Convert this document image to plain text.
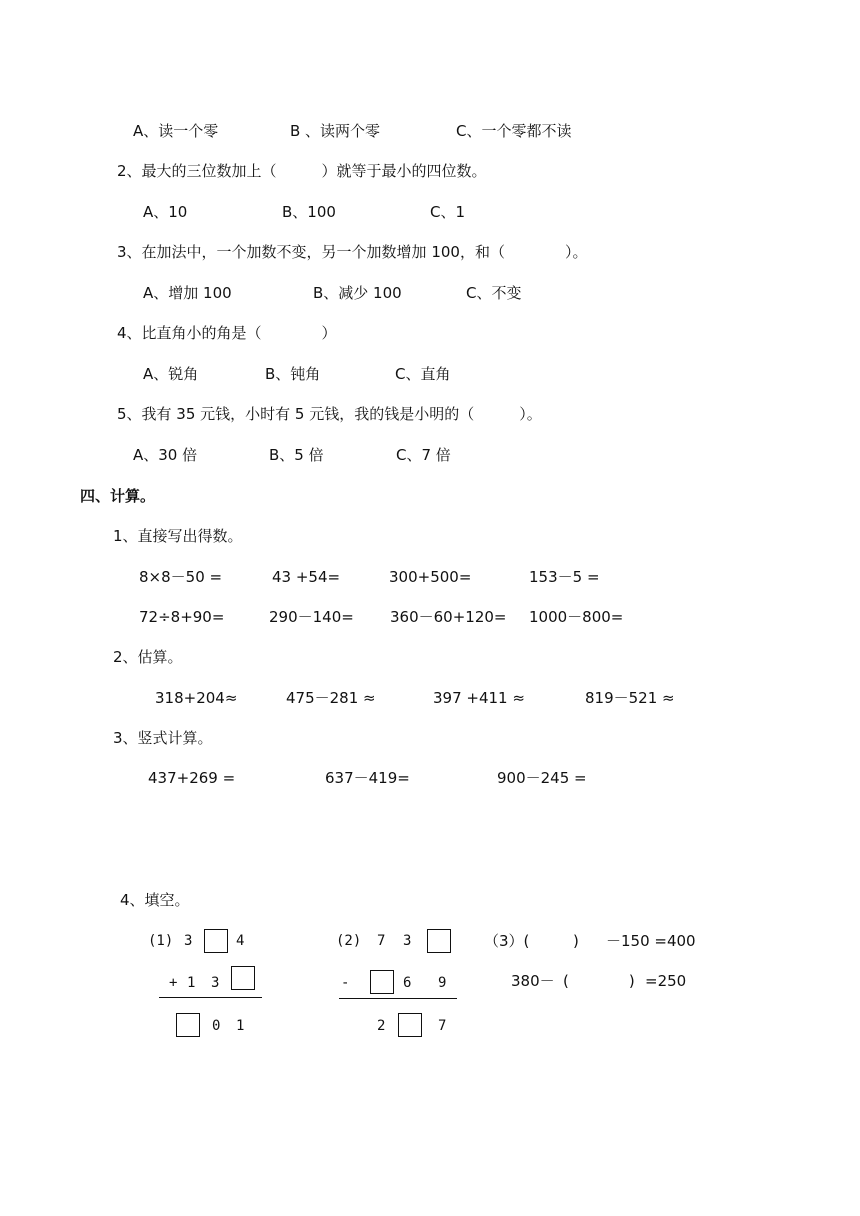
A、读一个零	B 、读两个零	C、一个零都不读
2、最大的三位数加上（　　　）就等于最小的四位数。
A、10	B、100	C、1
3、在加法中，一个加数不变，另一个加数增加 100，和（　　　　）。
A、增加 100	B、减少 100	C、不变
4、比直角小的角是（　　　　）
A、锐角	B、钝角	C、直角
5、我有 35 元钱，小时有 5 元钱，我的钱是小明的（　　　）。
A、30 倍	B、5 倍	C、7 倍
四、计算。
1、直接写出得数。
8×8－50 =	43 +54=	300+500=	153－5 =
72÷8+90=	290－140= 360－60+120= 1000－800=
2、估算。
318+204≈	475－281 ≈	397 +411 ≈	819－521 ≈
3、竖式计算。
437+269 =	637－419=	900－245 =
4、填空。
(1) 3	4
+ 1 3
0 1
(2) 7 3
-	6 9
2	7
（3）(	) －150 =400
380－ (　　　　) =250
